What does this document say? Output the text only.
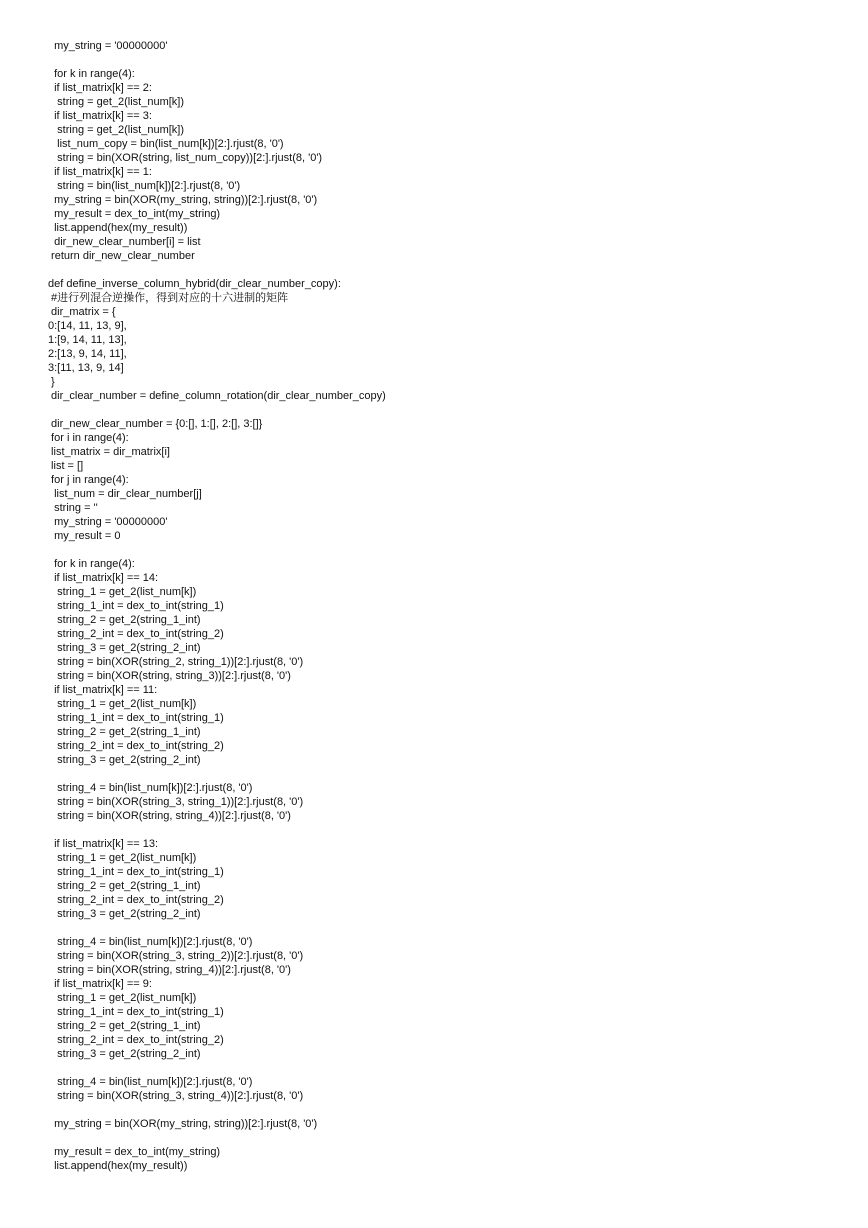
my_string = '00000000'
for k in range(4):
if list_matrix[k] == 2:
string = get_2(list_num[k])
if list_matrix[k] == 3:
string = get_2(list_num[k])
list_num_copy = bin(list_num[k])[2:].rjust(8, '0')
string = bin(XOR(string, list_num_copy))[2:].rjust(8, '0')
if list_matrix[k] == 1:
string = bin(list_num[k])[2:].rjust(8, '0')
my_string = bin(XOR(my_string, string))[2:].rjust(8, '0')
my_result = dex_to_int(my_string)
list.append(hex(my_result))
dir_new_clear_number[i] = list
return dir_new_clear_number
def define_inverse_column_hybrid(dir_clear_number_copy):
#进行列混合逆操作，得到对应的十六进制的矩阵
dir_matrix = {
0:[14, 11, 13, 9],
1:[9, 14, 11, 13],
2:[13, 9, 14, 11],
3:[11, 13, 9, 14]
}
dir_clear_number = define_column_rotation(dir_clear_number_copy)
dir_new_clear_number = {0:[], 1:[], 2:[], 3:[]}
for i in range(4):
list_matrix = dir_matrix[i]
list = []
for j in range(4):
list_num = dir_clear_number[j]
string = ''
my_string = '00000000'
my_result = 0
for k in range(4):
if list_matrix[k] == 14:
string_1 = get_2(list_num[k])
string_1_int = dex_to_int(string_1)
string_2 = get_2(string_1_int)
string_2_int = dex_to_int(string_2)
string_3 = get_2(string_2_int)
string = bin(XOR(string_2, string_1))[2:].rjust(8, '0')
string = bin(XOR(string, string_3))[2:].rjust(8, '0')
if list_matrix[k] == 11:
string_1 = get_2(list_num[k])
string_1_int = dex_to_int(string_1)
string_2 = get_2(string_1_int)
string_2_int = dex_to_int(string_2)
string_3 = get_2(string_2_int)
string_4 = bin(list_num[k])[2:].rjust(8, '0')
string = bin(XOR(string_3, string_1))[2:].rjust(8, '0')
string = bin(XOR(string, string_4))[2:].rjust(8, '0')
if list_matrix[k] == 13:
string_1 = get_2(list_num[k])
string_1_int = dex_to_int(string_1)
string_2 = get_2(string_1_int)
string_2_int = dex_to_int(string_2)
string_3 = get_2(string_2_int)
string_4 = bin(list_num[k])[2:].rjust(8, '0')
string = bin(XOR(string_3, string_2))[2:].rjust(8, '0')
string = bin(XOR(string, string_4))[2:].rjust(8, '0')
if list_matrix[k] == 9:
string_1 = get_2(list_num[k])
string_1_int = dex_to_int(string_1)
string_2 = get_2(string_1_int)
string_2_int = dex_to_int(string_2)
string_3 = get_2(string_2_int)
string_4 = bin(list_num[k])[2:].rjust(8, '0')
string = bin(XOR(string_3, string_4))[2:].rjust(8, '0')
my_string = bin(XOR(my_string, string))[2:].rjust(8, '0')
my_result = dex_to_int(my_string)
list.append(hex(my_result))
